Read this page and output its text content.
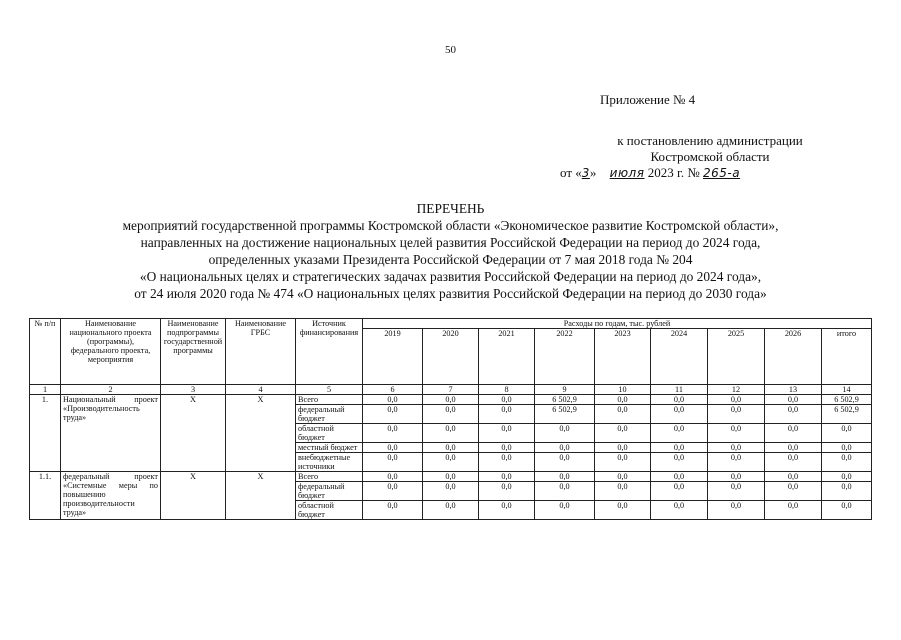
50
Приложение № 4
к постановлению администрации
Костромской области
от «3» июля 2023 г. № 265-а
ПЕРЕЧЕНЬ
мероприятий государственной программы Костромской области «Экономическое развитие Костромской области»,
направленных на достижение национальных целей развития Российской Федерации на период до 2024 года,
определенных указами Президента Российской Федерации от 7 мая 2018 года № 204
«О национальных целях и стратегических задачах развития Российской Федерации на период до 2024 года»,
от 24 июля 2020 года № 474 «О национальных целях развития Российской Федерации на период до 2030 года»
№ п/п	Наименование национального проекта (программы), федерального проекта, мероприятия	Наименование подпрограммы государственной программы	Наименование ГРБС	Источник финансирования	Расходы по годам, тыс. рублей								
					2019	2020	2021	2022	2023	2024	2025	2026	итого
1	2	3	4	5	6	7	8	9	10	11	12	13	14
1.	Национальный проект «Производительность труда»	X	X	Всего	0,0	0,0	0,0	6 502,9	0,0	0,0	0,0	0,0	6 502,9
				федеральный бюджет	0,0	0,0	0,0	6 502,9	0,0	0,0	0,0	0,0	6 502,9
				областной бюджет	0,0	0,0	0,0	0,0	0,0	0,0	0,0	0,0	0,0
				местный бюджет	0,0	0,0	0,0	0,0	0,0	0,0	0,0	0,0	0,0
				внебюджетные источники	0,0	0,0	0,0	0,0	0,0	0,0	0,0	0,0	0,0
1.1.	федеральный проект «Системные меры по повышению производительности труда»	X	X	Всего	0,0	0,0	0,0	0,0	0,0	0,0	0,0	0,0	0,0
				федеральный бюджет	0,0	0,0	0,0	0,0	0,0	0,0	0,0	0,0	0,0
				областной бюджет	0,0	0,0	0,0	0,0	0,0	0,0	0,0	0,0	0,0
